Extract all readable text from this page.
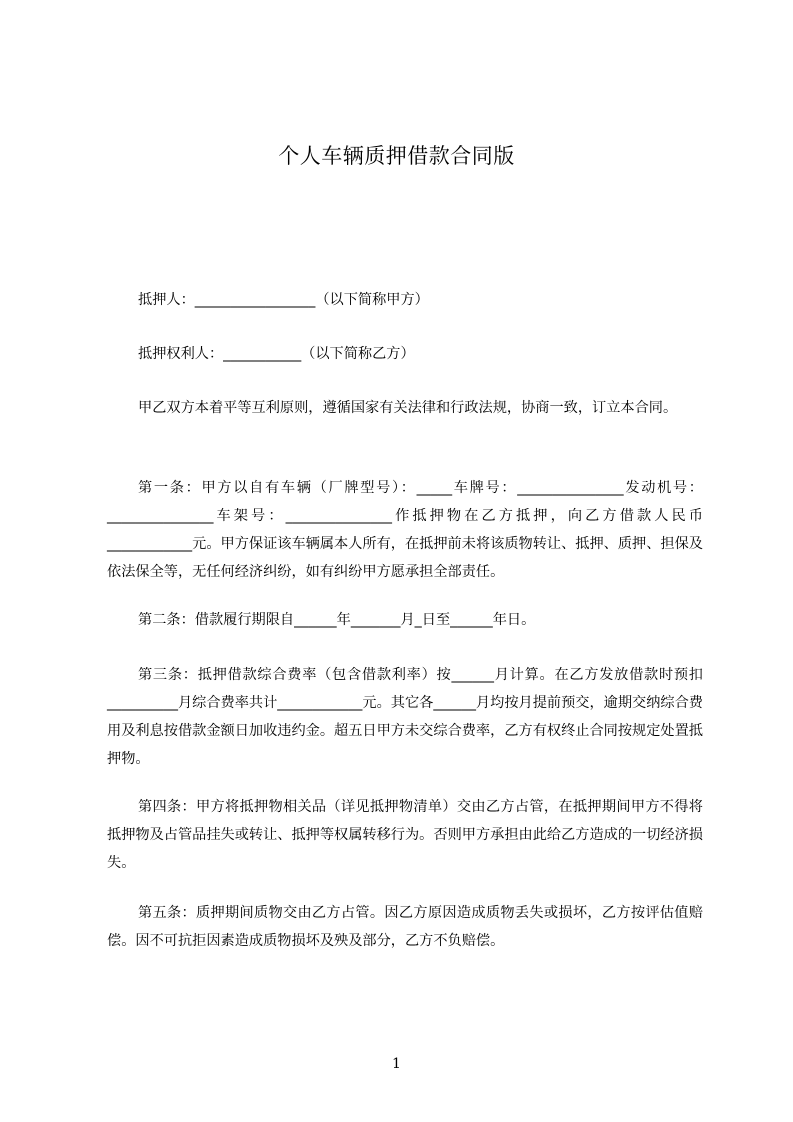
个人车辆质押借款合同版

抵押人：_________________（以下简称甲方）

抵押权利人：___________（以下简称乙方）

甲乙双方本着平等互利原则，遵循国家有关法律和行政法规，协商一致，订立本合同。

第一条：甲方以自有车辆（厂牌型号）：_____车牌号：_______________发动机号：_______________车架号：_______________作抵押物在乙方抵押，向乙方借款人民币____________元。甲方保证该车辆属本人所有，在抵押前未将该质物转让、抵押、质押、担保及依法保全等，无任何经济纠纷，如有纠纷甲方愿承担全部责任。

第二条：借款履行期限自______年_______月_日至______年日。

第三条：抵押借款综合费率（包含借款利率）按______月计算。在乙方发放借款时预扣__________月综合费率共计____________元。其它各______月均按月提前预交，逾期交纳综合费用及利息按借款金额日加收违约金。超五日甲方未交综合费率，乙方有权终止合同按规定处置抵押物。

第四条：甲方将抵押物相关品（详见抵押物清单）交由乙方占管，在抵押期间甲方不得将抵押物及占管品挂失或转让、抵押等权属转移行为。否则甲方承担由此给乙方造成的一切经济损失。

第五条：质押期间质物交由乙方占管。因乙方原因造成质物丢失或损坏，乙方按评估值赔偿。因不可抗拒因素造成质物损坏及殃及部分，乙方不负赔偿。

1
